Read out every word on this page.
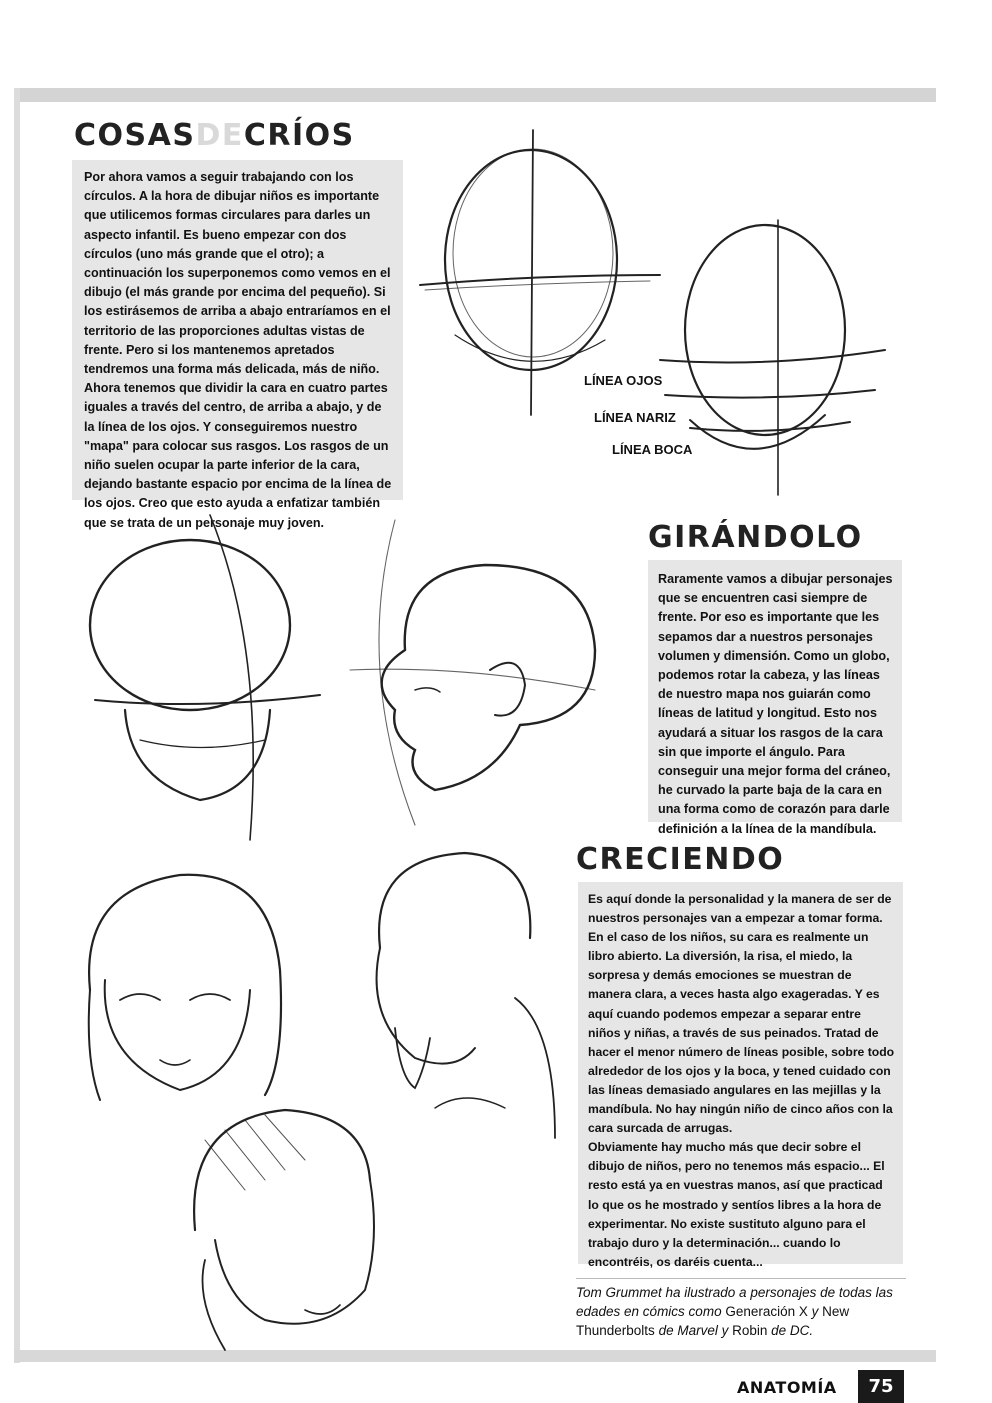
COSASDECRÍOS

Por ahora vamos a seguir trabajando con los círculos. A la hora de dibujar niños es importante que utilicemos formas circulares para darles un aspecto infantil. Es bueno empezar con dos círculos (uno más grande que el otro); a continuación los superponemos como vemos en el dibujo (el más grande por encima del pequeño). Si los estirásemos de arriba a abajo entraríamos en el territorio de las proporciones adultas vistas de frente. Pero si los mantenemos apretados tendremos una forma más delicada, más de niño. Ahora tenemos que dividir la cara en cuatro partes iguales a través del centro, de arriba a abajo, y de la línea de los ojos. Y conseguiremos nuestro "mapa" para colocar sus rasgos. Los rasgos de un niño suelen ocupar la parte inferior de la cara, dejando bastante espacio por encima de la línea de los ojos. Creo que esto ayuda a enfatizar también que se trata de un personaje muy joven.

LÍNEA OJOS
LÍNEA NARIZ
LÍNEA BOCA
GIRÁNDOLO

Raramente vamos a dibujar personajes que se encuentren casi siempre de frente. Por eso es importante que les sepamos dar a nuestros personajes volumen y dimensión. Como un globo, podemos rotar la cabeza, y las líneas de nuestro mapa nos guiarán como líneas de latitud y longitud. Esto nos ayudará a situar los rasgos de la cara sin que importe el ángulo. Para conseguir una mejor forma del cráneo, he curvado la parte baja de la cara en una forma como de corazón para darle definición a la línea de la mandíbula.

CRECIENDO

Es aquí donde la personalidad y la manera de ser de nuestros personajes van a empezar a tomar forma. En el caso de los niños, su cara es realmente un libro abierto. La diversión, la risa, el miedo, la sorpresa y demás emociones se muestran de manera clara, a veces hasta algo exageradas. Y es aquí cuando podemos empezar a separar entre niños y niñas, a través de sus peinados. Tratad de hacer el menor número de líneas posible, sobre todo alrededor de los ojos y la boca, y tened cuidado con las líneas demasiado angulares en las mejillas y la mandíbula. No hay ningún niño de cinco años con la cara surcada de arrugas.

Obviamente hay mucho más que decir sobre el dibujo de niños, pero no tenemos más espacio... El resto está ya en vuestras manos, así que practicad lo que os he mostrado y sentíos libres a la hora de experimentar. No existe sustituto alguno para el trabajo duro y la determinación... cuando lo encontréis, os daréis cuenta...

Tom Grummet ha ilustrado a personajes de todas las edades en cómics como Generación X y New Thunderbolts de Marvel y Robin de DC.
ANATOMÍA	75
